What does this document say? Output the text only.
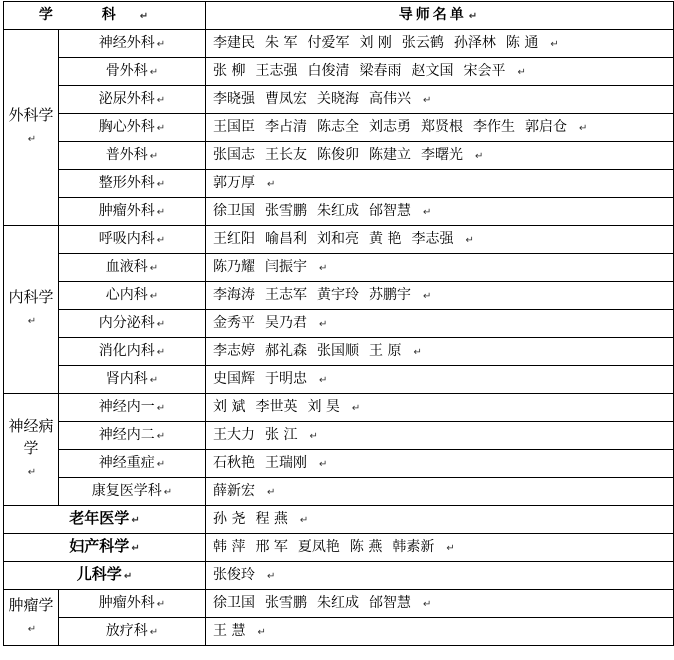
学 科 ↵		导师名单 ↵
外科学
↵	神经外科 ↵	李建民 朱 军 付爱军 刘 刚 张云鹤 孙泽林 陈 通 ↵
	骨外科 ↵	张 柳 王志强 白俊清 梁春雨 赵文国 宋会平 ↵
	泌尿外科 ↵	李晓强 曹凤宏 关晓海 高伟兴 ↵
	胸心外科 ↵	王国臣 李占清 陈志全 刘志勇 郑贤根 李作生 郭启仓 ↵
	普外科 ↵	张国志 王长友 陈俊卯 陈建立 李曙光 ↵
	整形外科 ↵	郭万厚 ↵
	肿瘤外科 ↵	徐卫国 张雪鹏 朱红成 邰智慧 ↵
内科学
↵	呼吸内科 ↵	王红阳 喻昌利 刘和亮 黄 艳 李志强 ↵
	血液科 ↵	陈乃耀 闫振宇 ↵
	心内科 ↵	李海涛 王志军 黄宇玲 苏鹏宇 ↵
	内分泌科 ↵	金秀平 吴乃君 ↵
	消化内科 ↵	李志婷 郝礼森 张国顺 王 原 ↵
	肾内科 ↵	史国辉 于明忠 ↵
神经病学
↵	神经内一 ↵	刘 斌 李世英 刘 昊 ↵
	神经内二 ↵	王大力 张 江 ↵
	神经重症 ↵	石秋艳 王瑞刚 ↵
	康复医学科 ↵	薛新宏 ↵
老年医学 ↵		孙 尧 程 燕 ↵
妇产科学 ↵		韩 萍 邢 军 夏凤艳 陈 燕 韩素新 ↵
儿科学 ↵		张俊玲 ↵
肿瘤学
↵	肿瘤外科 ↵	徐卫国 张雪鹏 朱红成 邰智慧 ↵
	放疗科 ↵	王 慧 ↵
